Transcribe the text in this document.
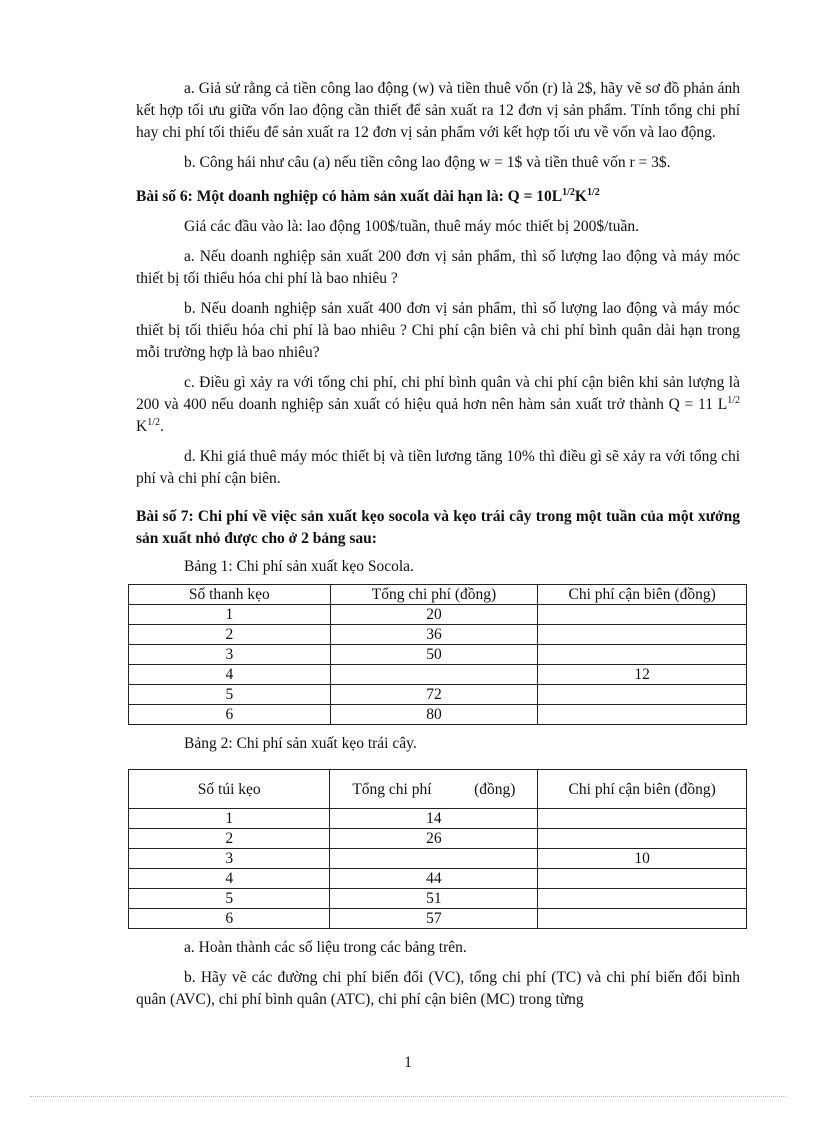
a. Giả sử rằng cả tiền công lao động (w) và tiền thuê vốn (r) là 2$, hãy vẽ sơ đồ phản ánh kết hợp tối ưu giữa vốn lao động cần thiết để sản xuất ra 12 đơn vị sản phẩm. Tính tổng chi phí hay chi phí tối thiểu để sản xuất ra 12 đơn vị sản phẩm với kết hợp tối ưu về vốn và lao động.

b. Công hái như câu (a) nếu tiền công lao động w = 1$ và tiền thuê vốn r = 3$.

Bài số 6: Một doanh nghiệp có hàm sản xuất dài hạn là: $Q = 10L^{1/2}K^{1/2}$

Giá các đầu vào là: lao động 100$/tuần, thuê máy móc thiết bị 200$/tuần.

a. Nếu doanh nghiệp sản xuất 200 đơn vị sản phẩm, thì số lượng lao động và máy móc thiết bị tối thiểu hóa chi phí là bao nhiêu ?

b. Nếu doanh nghiệp sản xuất 400 đơn vị sản phẩm, thì số lượng lao động và máy móc thiết bị tối thiểu hóa chi phí là bao nhiêu ? Chi phí cận biên và chi phí bình quân dài hạn trong mỗi trường hợp là bao nhiêu?

c. Điều gì xảy ra với tổng chi phí, chi phí bình quân và chi phí cận biên khi sản lượng là 200 và 400 nếu doanh nghiệp sản xuất có hiệu quả hơn nên hàm sản xuất trở thành Q = 11 $L^{1/2}$ $K^{1/2}$.

d. Khi giá thuê máy móc thiết bị và tiền lương tăng 10% thì điều gì sẽ xảy ra với tổng chi phí và chi phí cận biên.

Bài số 7: Chi phí về việc sản xuất kẹo socola và kẹo trái cây trong một tuần của một xưởng sản xuất nhỏ được cho ở 2 bảng sau:

Bảng 1: Chi phí sản xuất kẹo Socola.

Số thanh kẹo	Tổng chi phí (đồng)	Chi phí cận biên (đồng)
1	20	
2	36	
3	50	
4		12
5	72	
6	80	

Bảng 2: Chi phí sản xuất kẹo trái cây.

Số túi kẹo	Tổng chi phí           (đồng)	Chi phí cận biên (đồng)
1	14	
2	26	
3		10
4	44	
5	51	
6	57	

a. Hoàn thành các số liệu trong các bảng trên.

b. Hãy vẽ các đường chi phí biến đổi (VC), tổng chi phí (TC) và chi phí biến đổi bình quân (AVC), chi phí bình quân (ATC), chi phí cận biên (MC) trong từng

1
